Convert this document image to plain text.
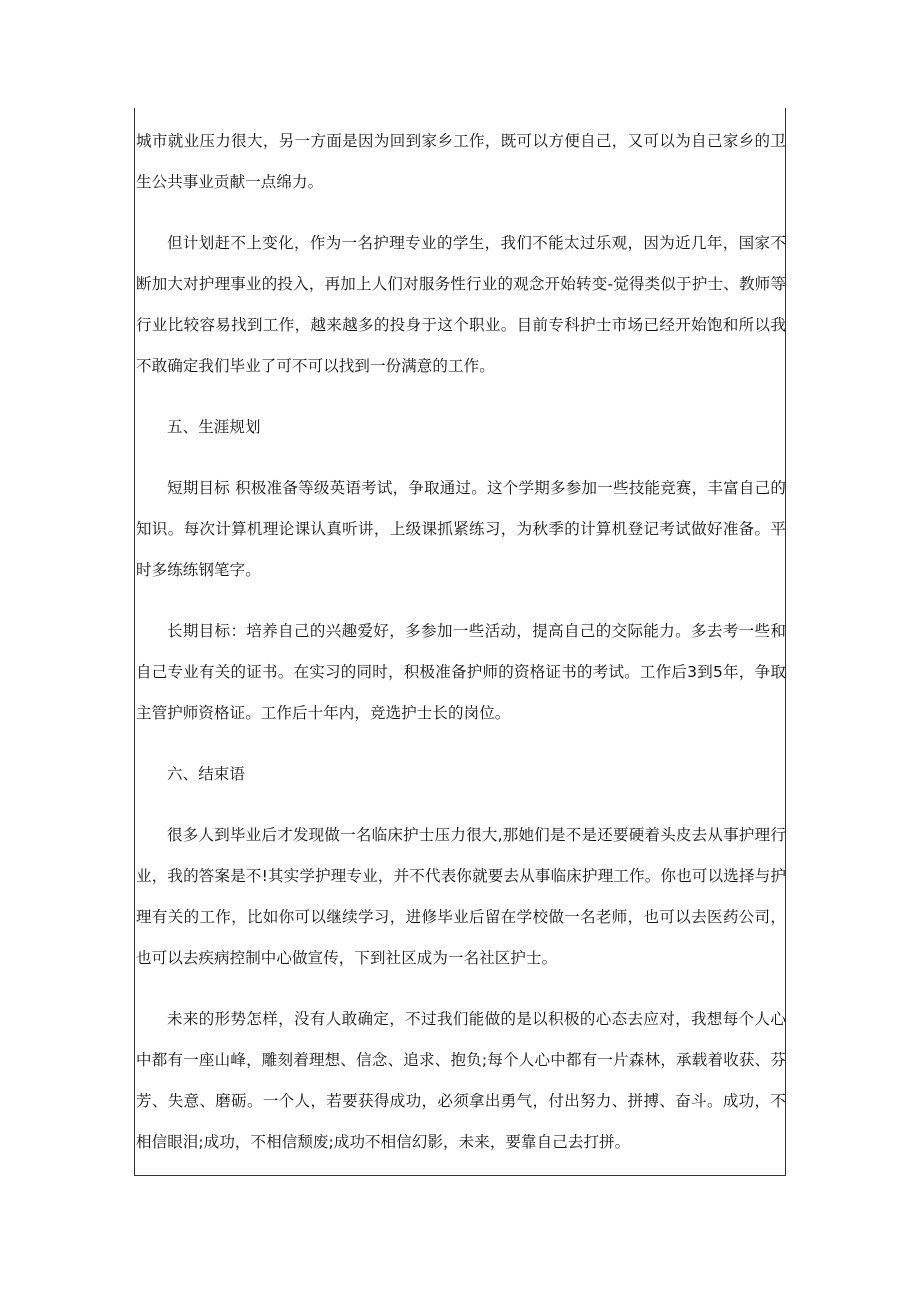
城市就业压力很大，另一方面是因为回到家乡工作，既可以方便自己，又可以为自己家乡的卫生公共事业贡献一点绵力。

但计划赶不上变化，作为一名护理专业的学生，我们不能太过乐观，因为近几年，国家不断加大对护理事业的投入，再加上人们对服务性行业的观念开始转变-觉得类似于护士、教师等行业比较容易找到工作，越来越多的投身于这个职业。目前专科护士市场已经开始饱和所以我不敢确定我们毕业了可不可以找到一份满意的工作。

五、生涯规划

短期目标 积极准备等级英语考试，争取通过。这个学期多参加一些技能竞赛，丰富自己的知识。每次计算机理论课认真听讲，上级课抓紧练习，为秋季的计算机登记考试做好准备。平时多练练钢笔字。

长期目标：培养自己的兴趣爱好，多参加一些活动，提高自己的交际能力。多去考一些和自己专业有关的证书。在实习的同时，积极准备护师的资格证书的考试。工作后3到5年，争取主管护师资格证。工作后十年内，竞选护士长的岗位。

六、结束语

很多人到毕业后才发现做一名临床护士压力很大,那她们是不是还要硬着头皮去从事护理行业，我的答案是不!其实学护理专业，并不代表你就要去从事临床护理工作。你也可以选择与护理有关的工作，比如你可以继续学习，进修毕业后留在学校做一名老师，也可以去医药公司，也可以去疾病控制中心做宣传，下到社区成为一名社区护士。

未来的形势怎样，没有人敢确定，不过我们能做的是以积极的心态去应对，我想每个人心中都有一座山峰，雕刻着理想、信念、追求、抱负;每个人心中都有一片森林，承载着收获、芬芳、失意、磨砺。一个人，若要获得成功，必须拿出勇气，付出努力、拼搏、奋斗。成功，不相信眼泪;成功，不相信颓废;成功不相信幻影，未来，要靠自己去打拼。
